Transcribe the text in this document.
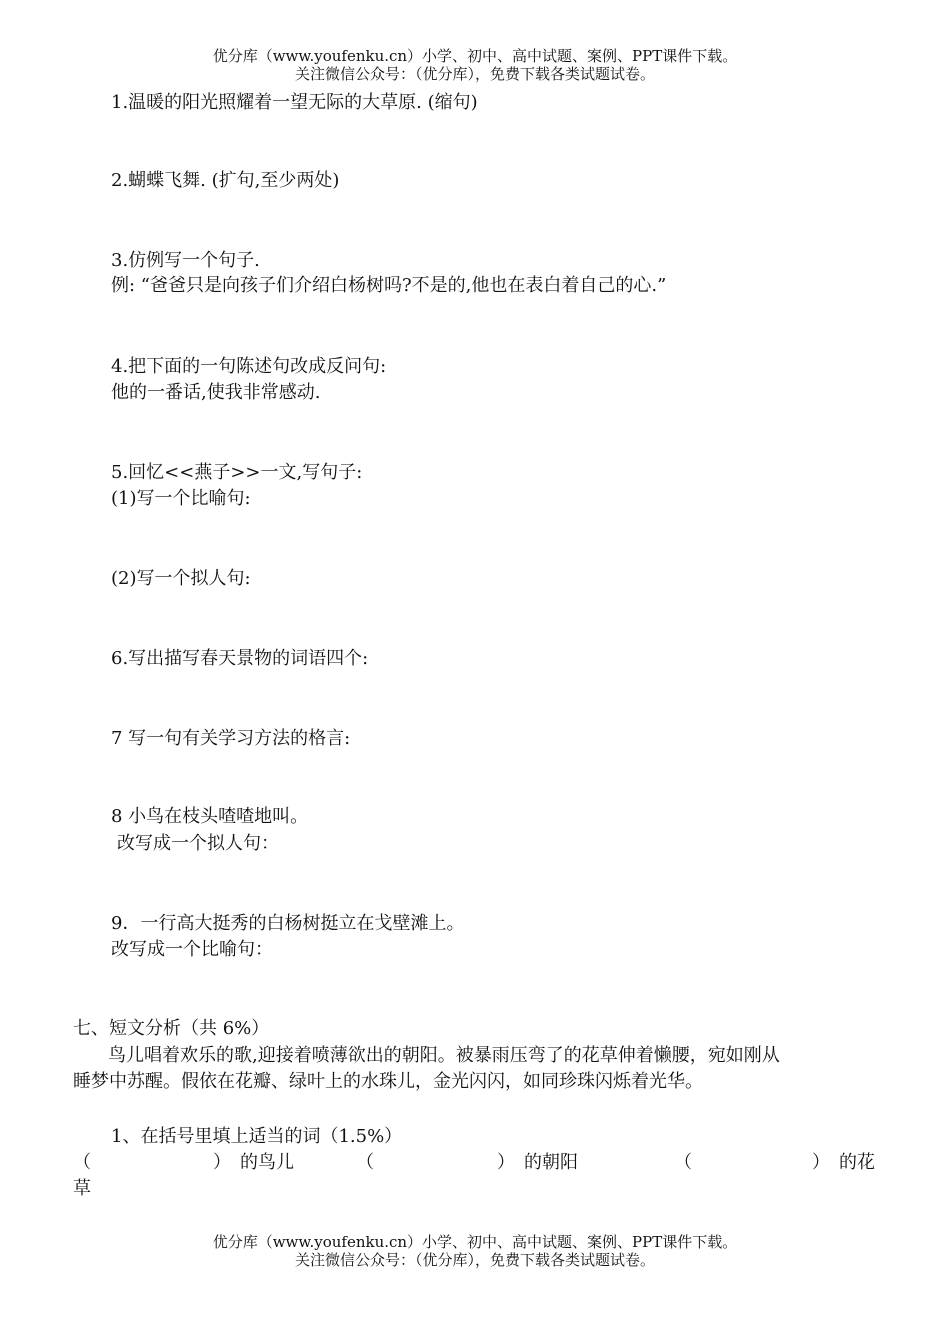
优分库（www.youfenku.cn）小学、初中、高中试题、案例、PPT课件下载。
关注微信公众号：（优分库），免费下载各类试题试卷。
1.温暖的阳光照耀着一望无际的大草原. (缩句)
2.蝴蝶飞舞. (扩句,至少两处)
3.仿例写一个句子.
例: “爸爸只是向孩子们介绍白杨树吗?不是的,他也在表白着自己的心.”
4.把下面的一句陈述句改成反问句:
他的一番话,使我非常感动.
5.回忆<<燕子>>一文,写句子:
(1)写一个比喻句:
(2)写一个拟人句:
6.写出描写春天景物的词语四个:
7 写一句有关学习方法的格言:
8 小鸟在枝头喳喳地叫。
改写成一个拟人句：
9．一行高大挺秀的白杨树挺立在戈壁滩上。
改写成一个比喻句：
七、短文分析（共 6%）
鸟儿唱着欢乐的歌,迎接着喷薄欲出的朝阳。被暴雨压弯了的花草伸着懒腰，宛如刚从
睡梦中苏醒。假依在花瓣、绿叶上的水珠儿，金光闪闪，如同珍珠闪烁着光华。
1、在括号里填上适当的词（1.5%）
（	） 的鸟儿	（	） 的朝阳	（	） 的花
草
优分库（www.youfenku.cn）小学、初中、高中试题、案例、PPT课件下载。
关注微信公众号：（优分库），免费下载各类试题试卷。
